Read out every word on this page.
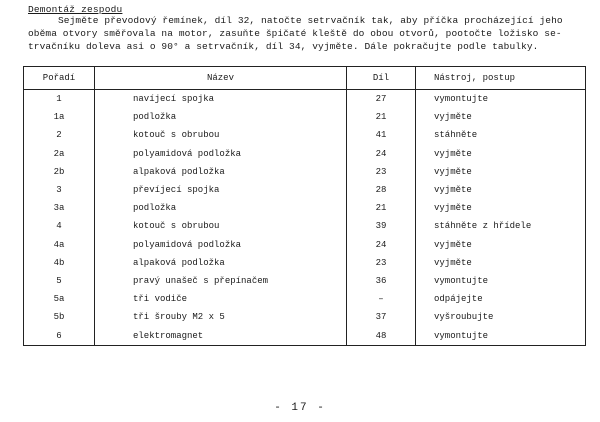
Demontáž zespodu

Sejměte převodový řemínek, díl 32, natočte setrvačník tak, aby příčka procházející jeho

oběma otvory směřovala na motor, zasuňte špičaté kleště do obou otvorů, pootočte ložisko se-

trvačníku doleva asi o 90° a setrvačník, díl 34, vyjměte. Dále pokračujte podle tabulky.

Pořadí	Název	Díl	Nástroj, postup
1	navíjecí spojka	27	vymontujte
1a	podložka	21	vyjměte
2	kotouč s obrubou	41	stáhněte
2a	polyamidová podložka	24	vyjměte
2b	alpaková podložka	23	vyjměte
3	převíjecí spojka	28	vyjměte
3a	podložka	21	vyjměte
4	kotouč s obrubou	39	stáhněte z hřídele
4a	polyamidová podložka	24	vyjměte
4b	alpaková podložka	23	vyjměte
5	pravý unašeč s přepínačem	36	vymontujte
5a	tři vodiče	–	odpájejte
5b	tři šrouby M2 x 5	37	vyšroubujte
6	elektromagnet	48	vymontujte
- 17 -
